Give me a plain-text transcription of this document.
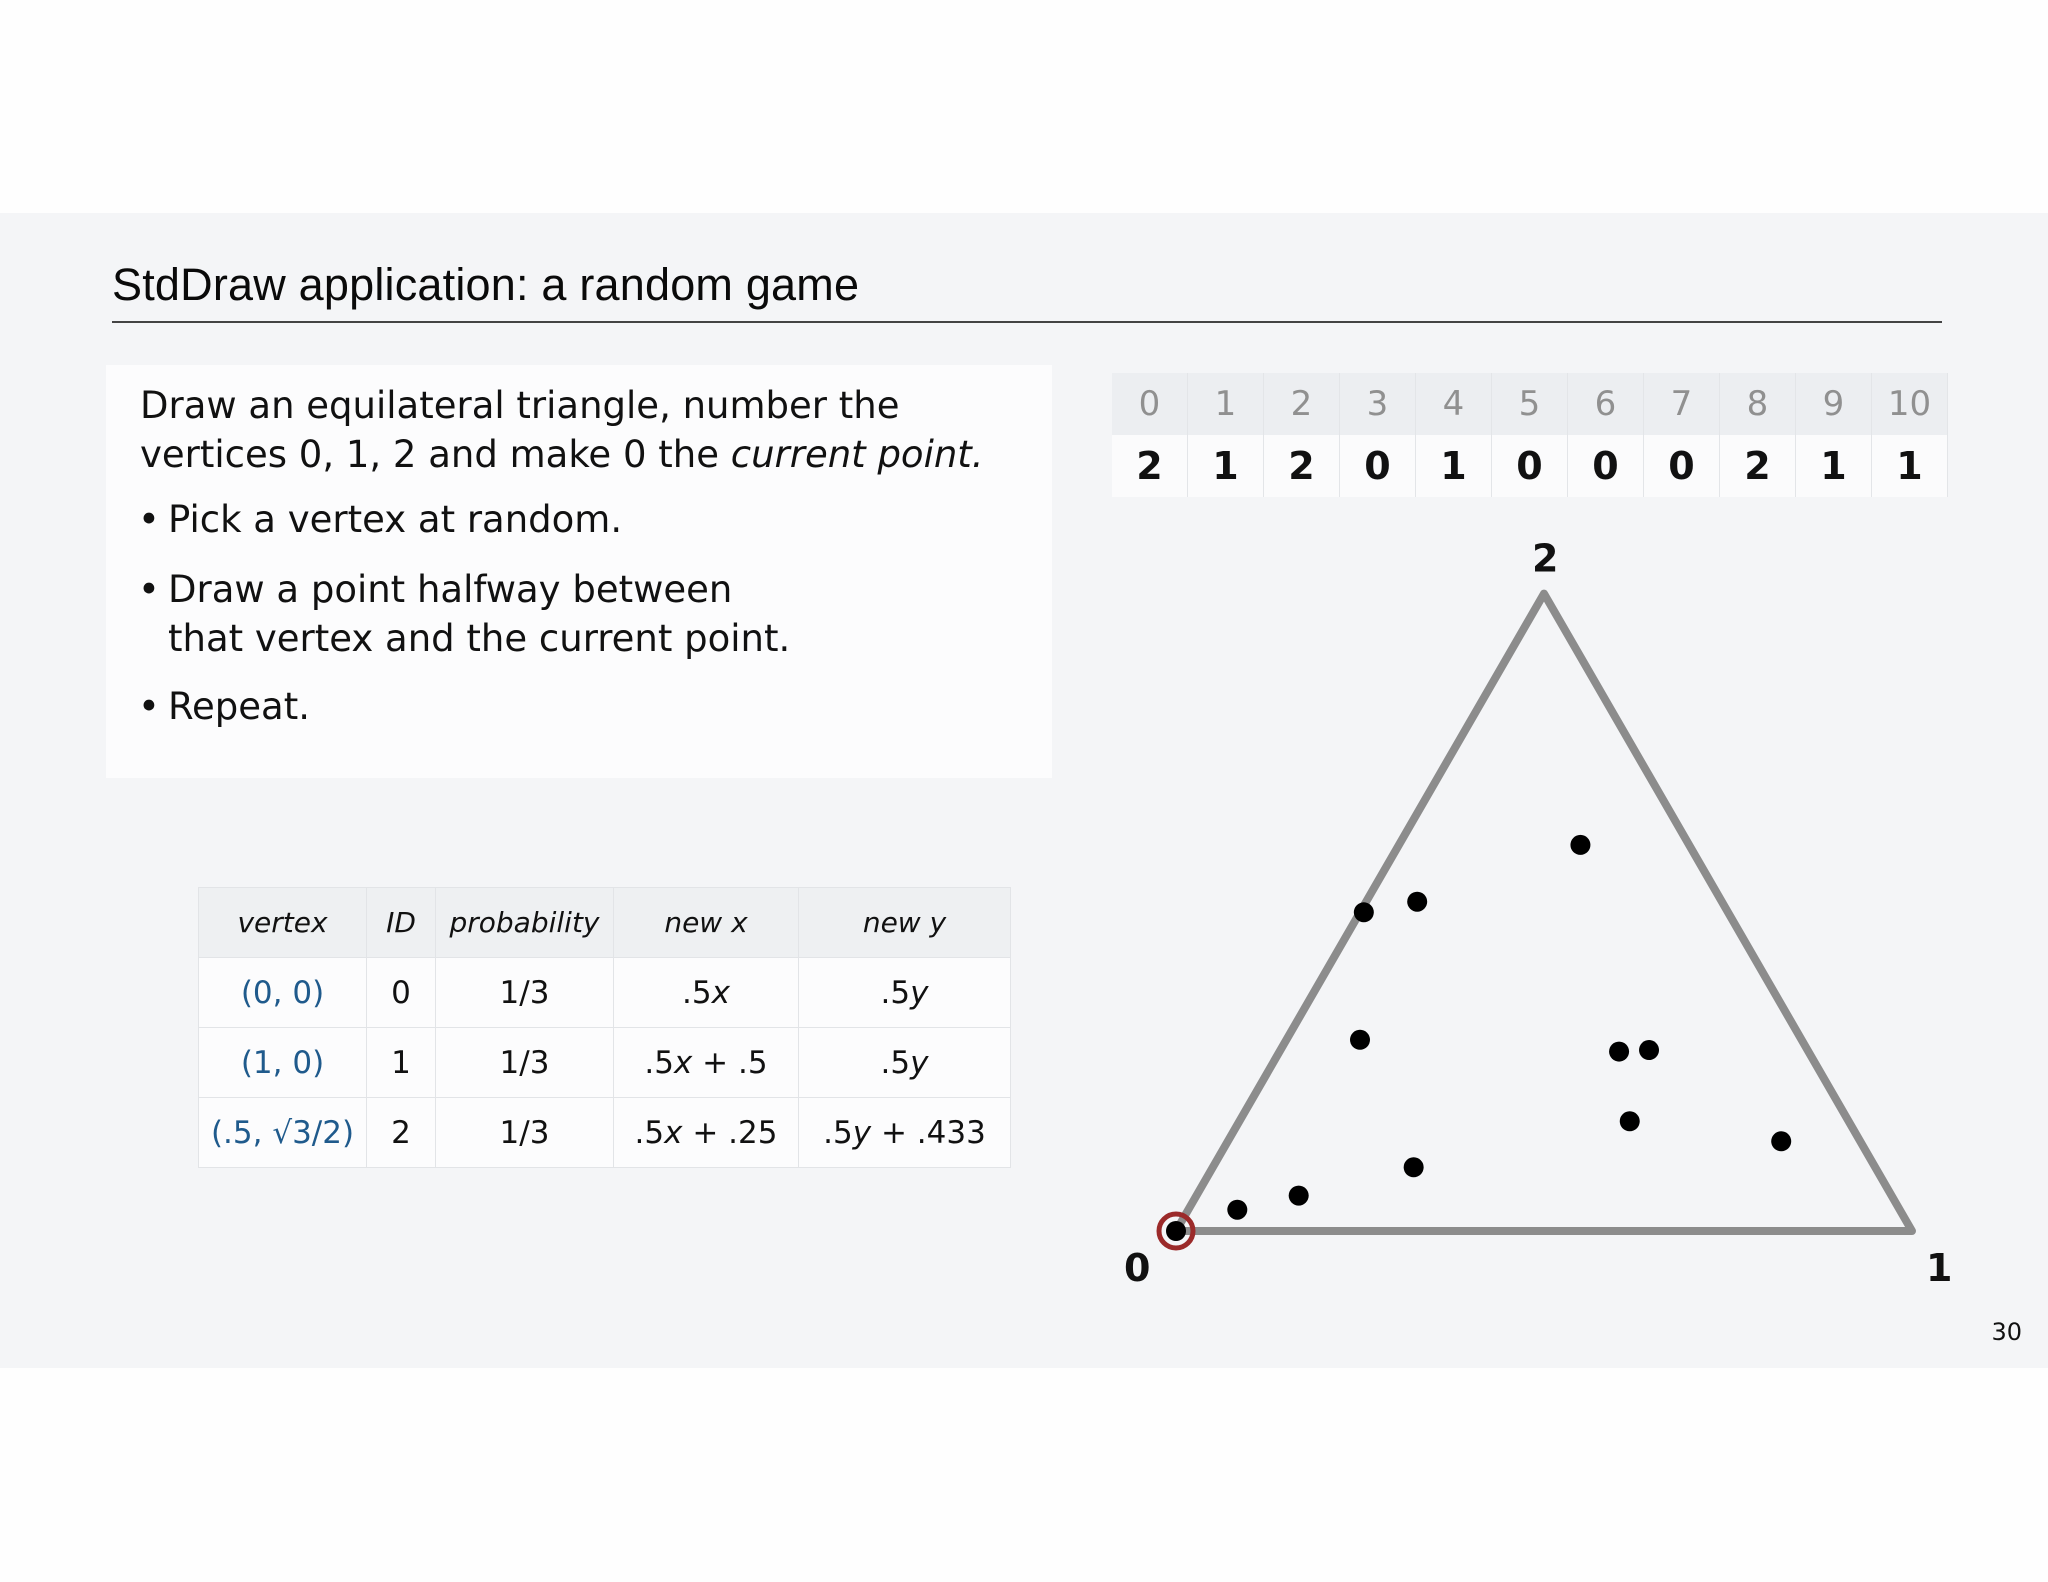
StdDraw application: a random game
Draw an equilateral triangle, number the vertices 0, 1, 2 and make 0 the current point.
• Pick a vertex at random.
• Draw a point halfway between that vertex and the current point.
• Repeat.
0	1	2	3	4	5	6	7	8	9	10
2	1	2	0	1	0	0	0	2	1	1
vertex	ID	probability	new x	new y
(0, 0)	0	1/3	.5x	.5y
(1, 0)	1	1/3	.5x + .5	.5y
(.5, √3/2)	2	1/3	.5x + .25	.5y + .433
0	1
2
30
